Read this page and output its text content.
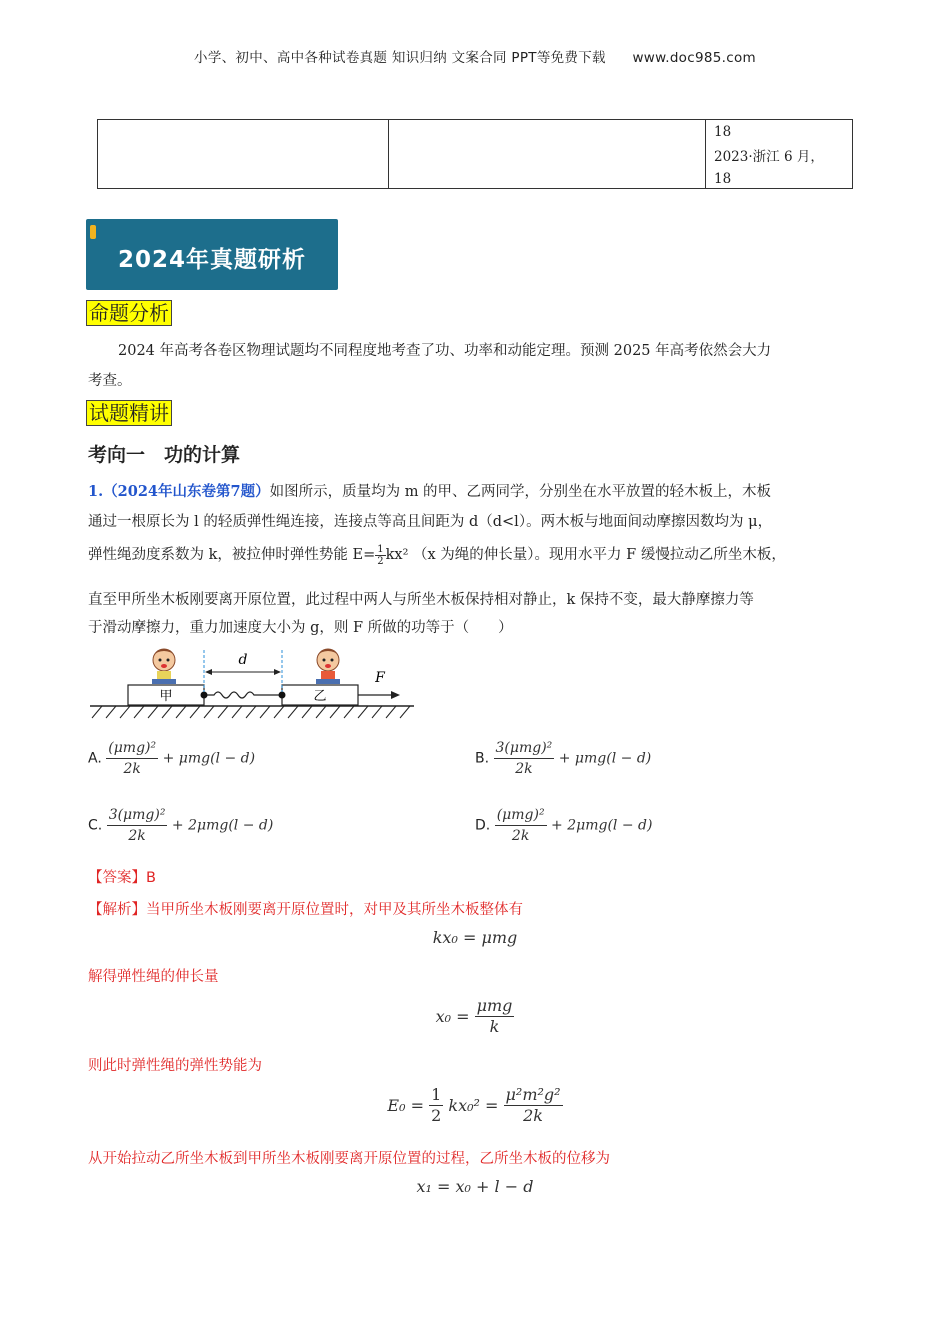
小学、初中、高中各种试卷真题 知识归纳 文案合同 PPT等免费下载 www.doc985.com

18
2023·浙江 6 月，
18
2024年真题研析
命题分析
2024 年高考各卷区物理试题均不同程度地考查了功、功率和动能定理。预测 2025 年高考依然会大力
考查。
试题精讲
考向一　功的计算
1.（2024年山东卷第7题）如图所示，质量均为 m 的甲、乙两同学，分别坐在水平放置的轻木板上，木板
通过一根原长为 l 的轻质弹性绳连接，连接点等高且间距为 d（d<l）。两木板与地面间动摩擦因数均为 μ，
弹性绳劲度系数为 k，被拉伸时弹性势能 $E= \frac{1}{2} kx^2$ （x 为绳的伸长量）。现用水平力 F 缓慢拉动乙所坐木板，
直至甲所坐木板刚要离开原位置，此过程中两人与所坐木板保持相对静止，k 保持不变，最大静摩擦力等
于滑动摩擦力，重力加速度大小为 g，则 F 所做的功等于（　　）
甲	乙
d
F
A. $\frac{\text{(μmg)²}}{2k} + \mu mg(l - d)$	B. $\frac{\text{3(μmg)²}}{2k} + \mu mg(l - d)$
C. $\frac{\text{3(μmg)²}}{2k} + 2\mu mg(l - d)$	D. $\frac{\text{(μmg)²}}{2k} + 2\mu mg(l - d)$
【答案】B
【解析】当甲所坐木板刚要离开原位置时，对甲及其所坐木板整体有
kx₀ = μmg
解得弹性绳的伸长量
$x_0 = \frac{\text{μmg}}{k}$
则此时弹性绳的弹性势能为
$E_0 = \frac{1}{2} kx_0^2 = \frac{\text{μ²m²g²}}{2k}$
从开始拉动乙所坐木板到甲所坐木板刚要离开原位置的过程，乙所坐木板的位移为
x₁ = x₀ + l − d
